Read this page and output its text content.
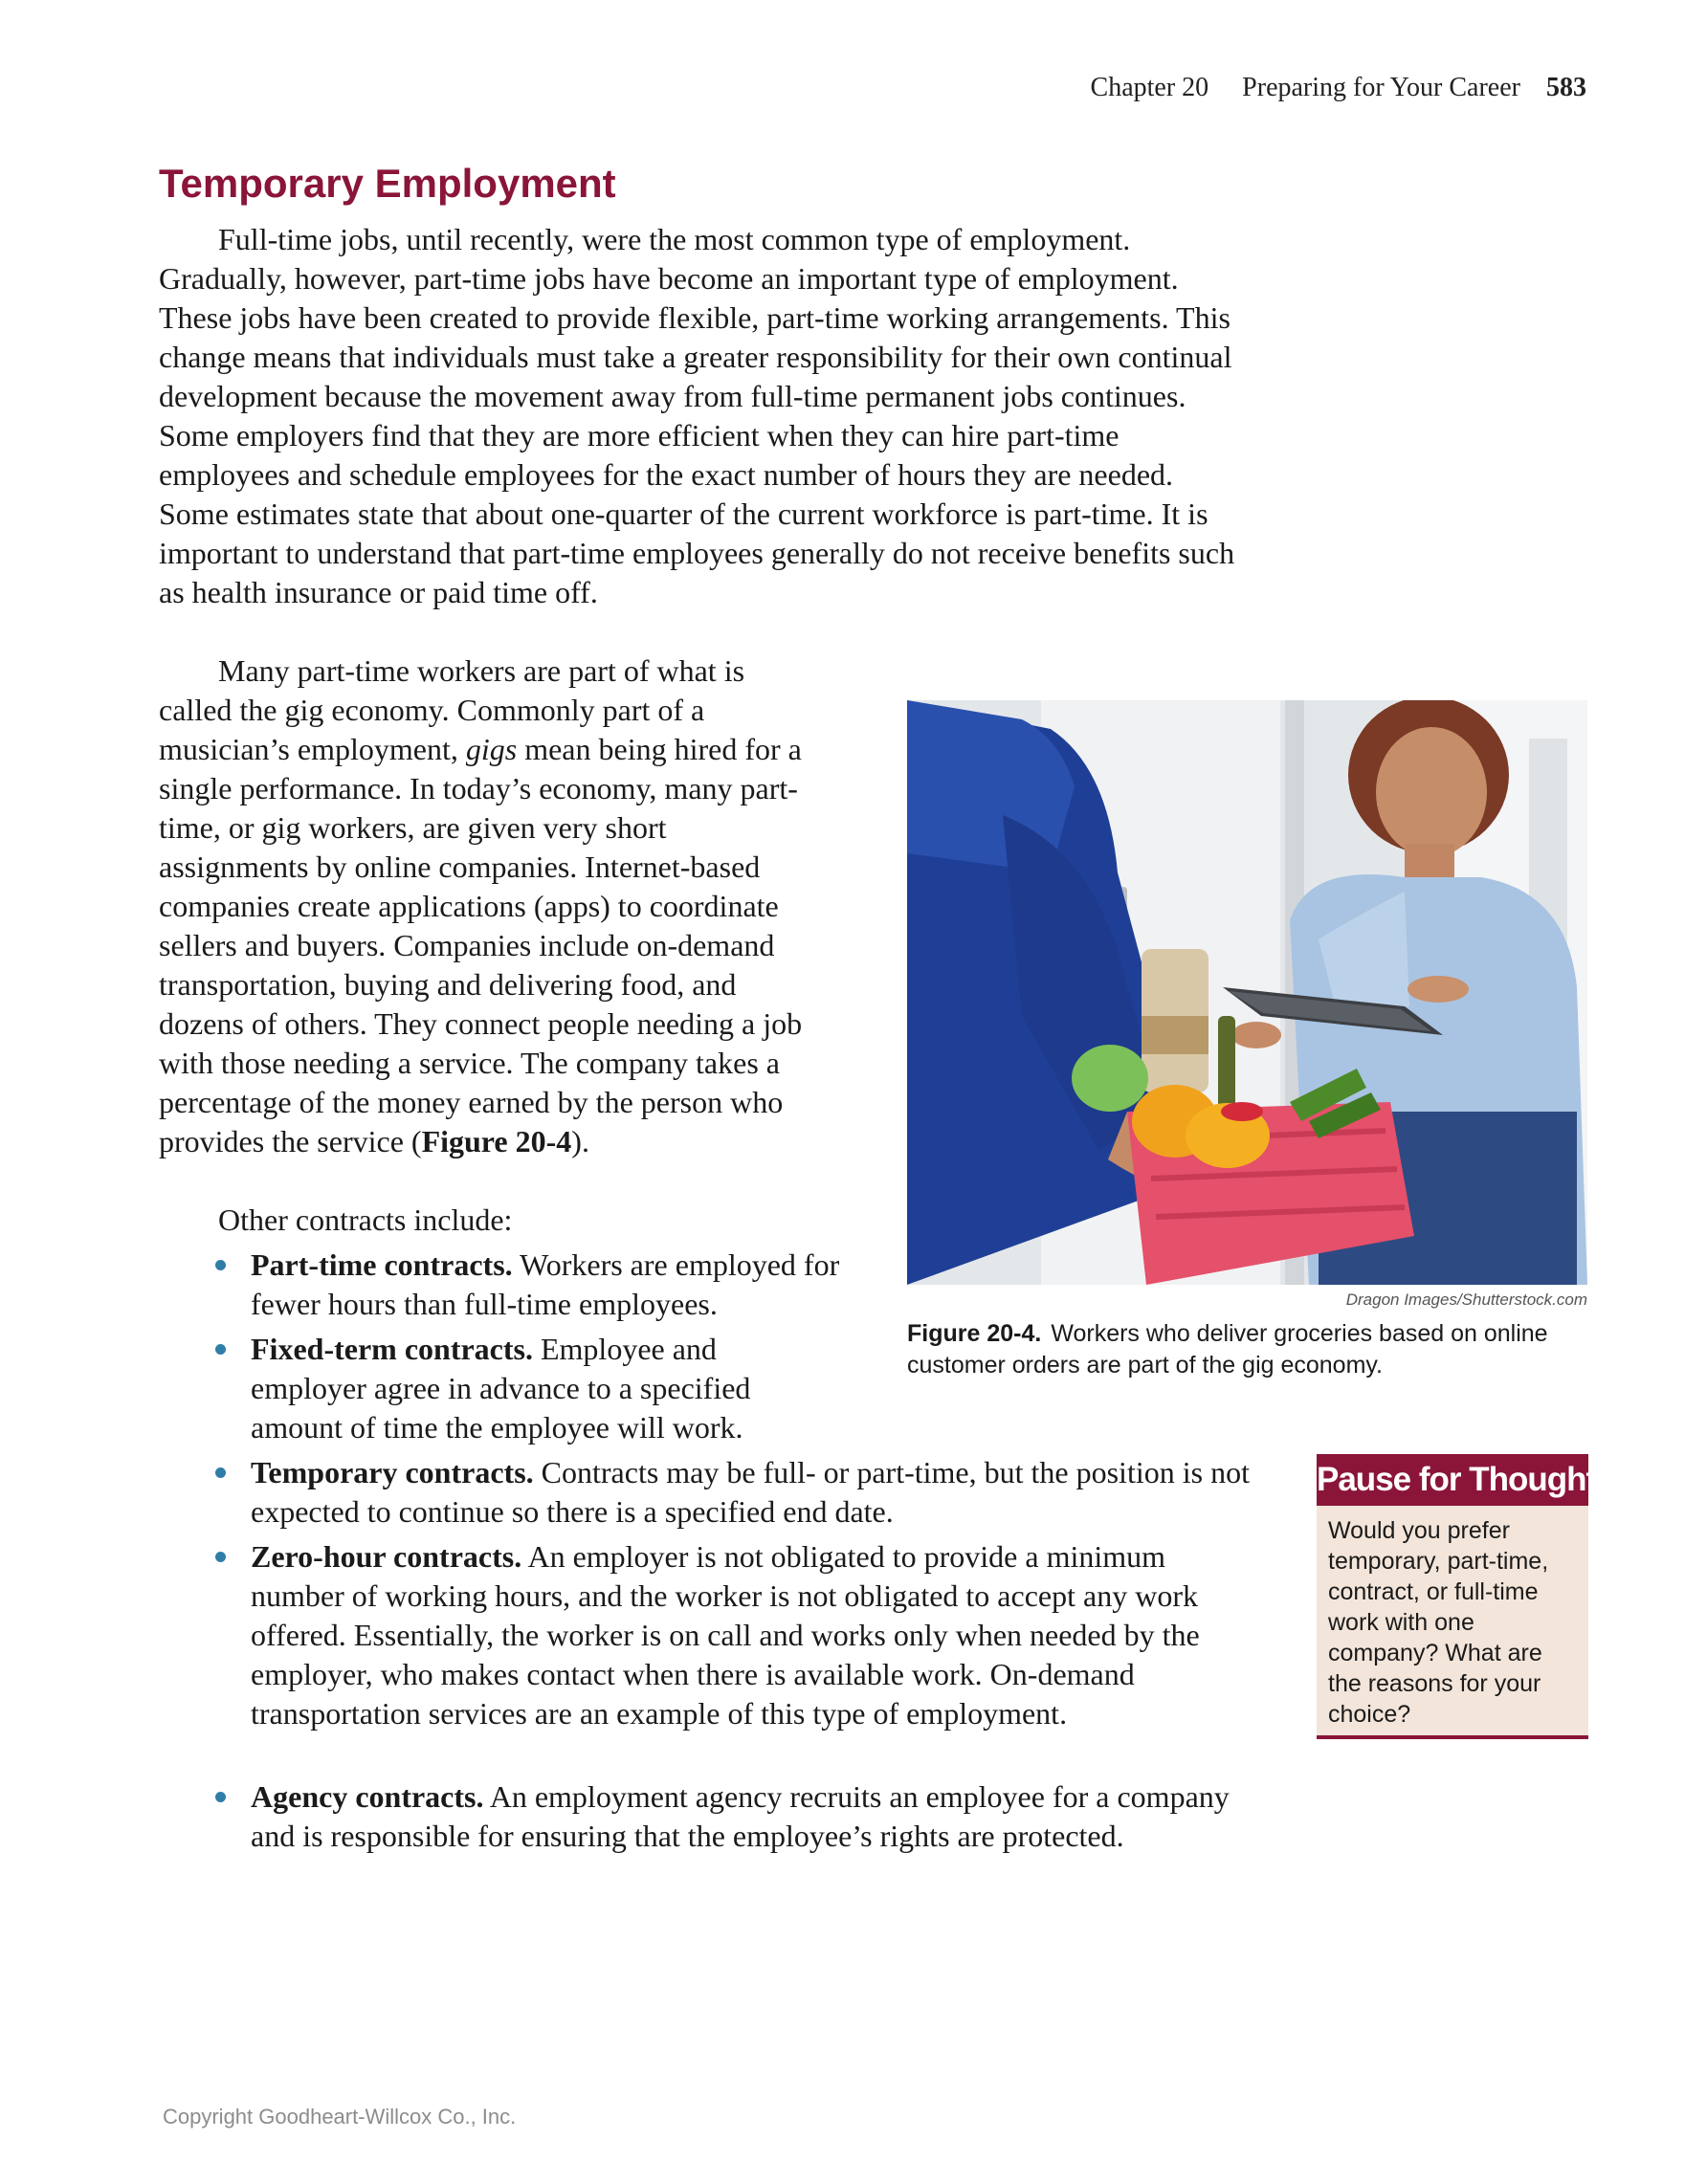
Chapter 20 Preparing for Your Career 583
Temporary Employment

Full-time jobs, until recently, were the most common type of employment. Gradually, however, part-time jobs have become an important type of employment. These jobs have been created to provide flexible, part-time working arrangements. This change means that individuals must take a greater responsibility for their own continual development because the movement away from full-time permanent jobs continues. Some employers find that they are more efficient when they can hire part-time employees and schedule employees for the exact number of hours they are needed. Some estimates state that about one-quarter of the current workforce is part-time. It is important to understand that part-time employees generally do not receive benefits such as health insurance or paid time off.

Many part-time workers are part of what is called the gig economy. Commonly part of a musician’s employment, gigs mean being hired for a single performance. In today’s economy, many part-time, or gig workers, are given very short assignments by online companies. Internet-based companies create applications (apps) to coordinate sellers and buyers. Companies include on-demand transportation, buying and delivering food, and dozens of others. They connect people needing a job with those needing a service. The company takes a percentage of the money earned by the person who provides the service (Figure 20-4).

Other contracts include:

Part-time contracts. Workers are employed for fewer hours than full-time employees.
Fixed-term contracts. Employee and employer agree in advance to a specified amount of time the employee will work.
Temporary contracts. Contracts may be full- or part-time, but the position is not expected to continue so there is a specified end date.
Zero-hour contracts. An employer is not obligated to provide a minimum number of working hours, and the worker is not obligated to accept any work offered. Essentially, the worker is on call and works only when needed by the employer, who makes contact when there is available work. On-demand transportation services are an example of this type of employment.
Agency contracts. An employment agency recruits an employee for a company and is responsible for ensuring that the employee’s rights are protected.
Dragon Images/Shutterstock.com
Figure 20-4. Workers who deliver groceries based on online customer orders are part of the gig economy.
Pause for Thought
Would you prefer temporary, part-time, contract, or full-time work with one company? What are the reasons for your choice?
Copyright Goodheart-Willcox Co., Inc.
